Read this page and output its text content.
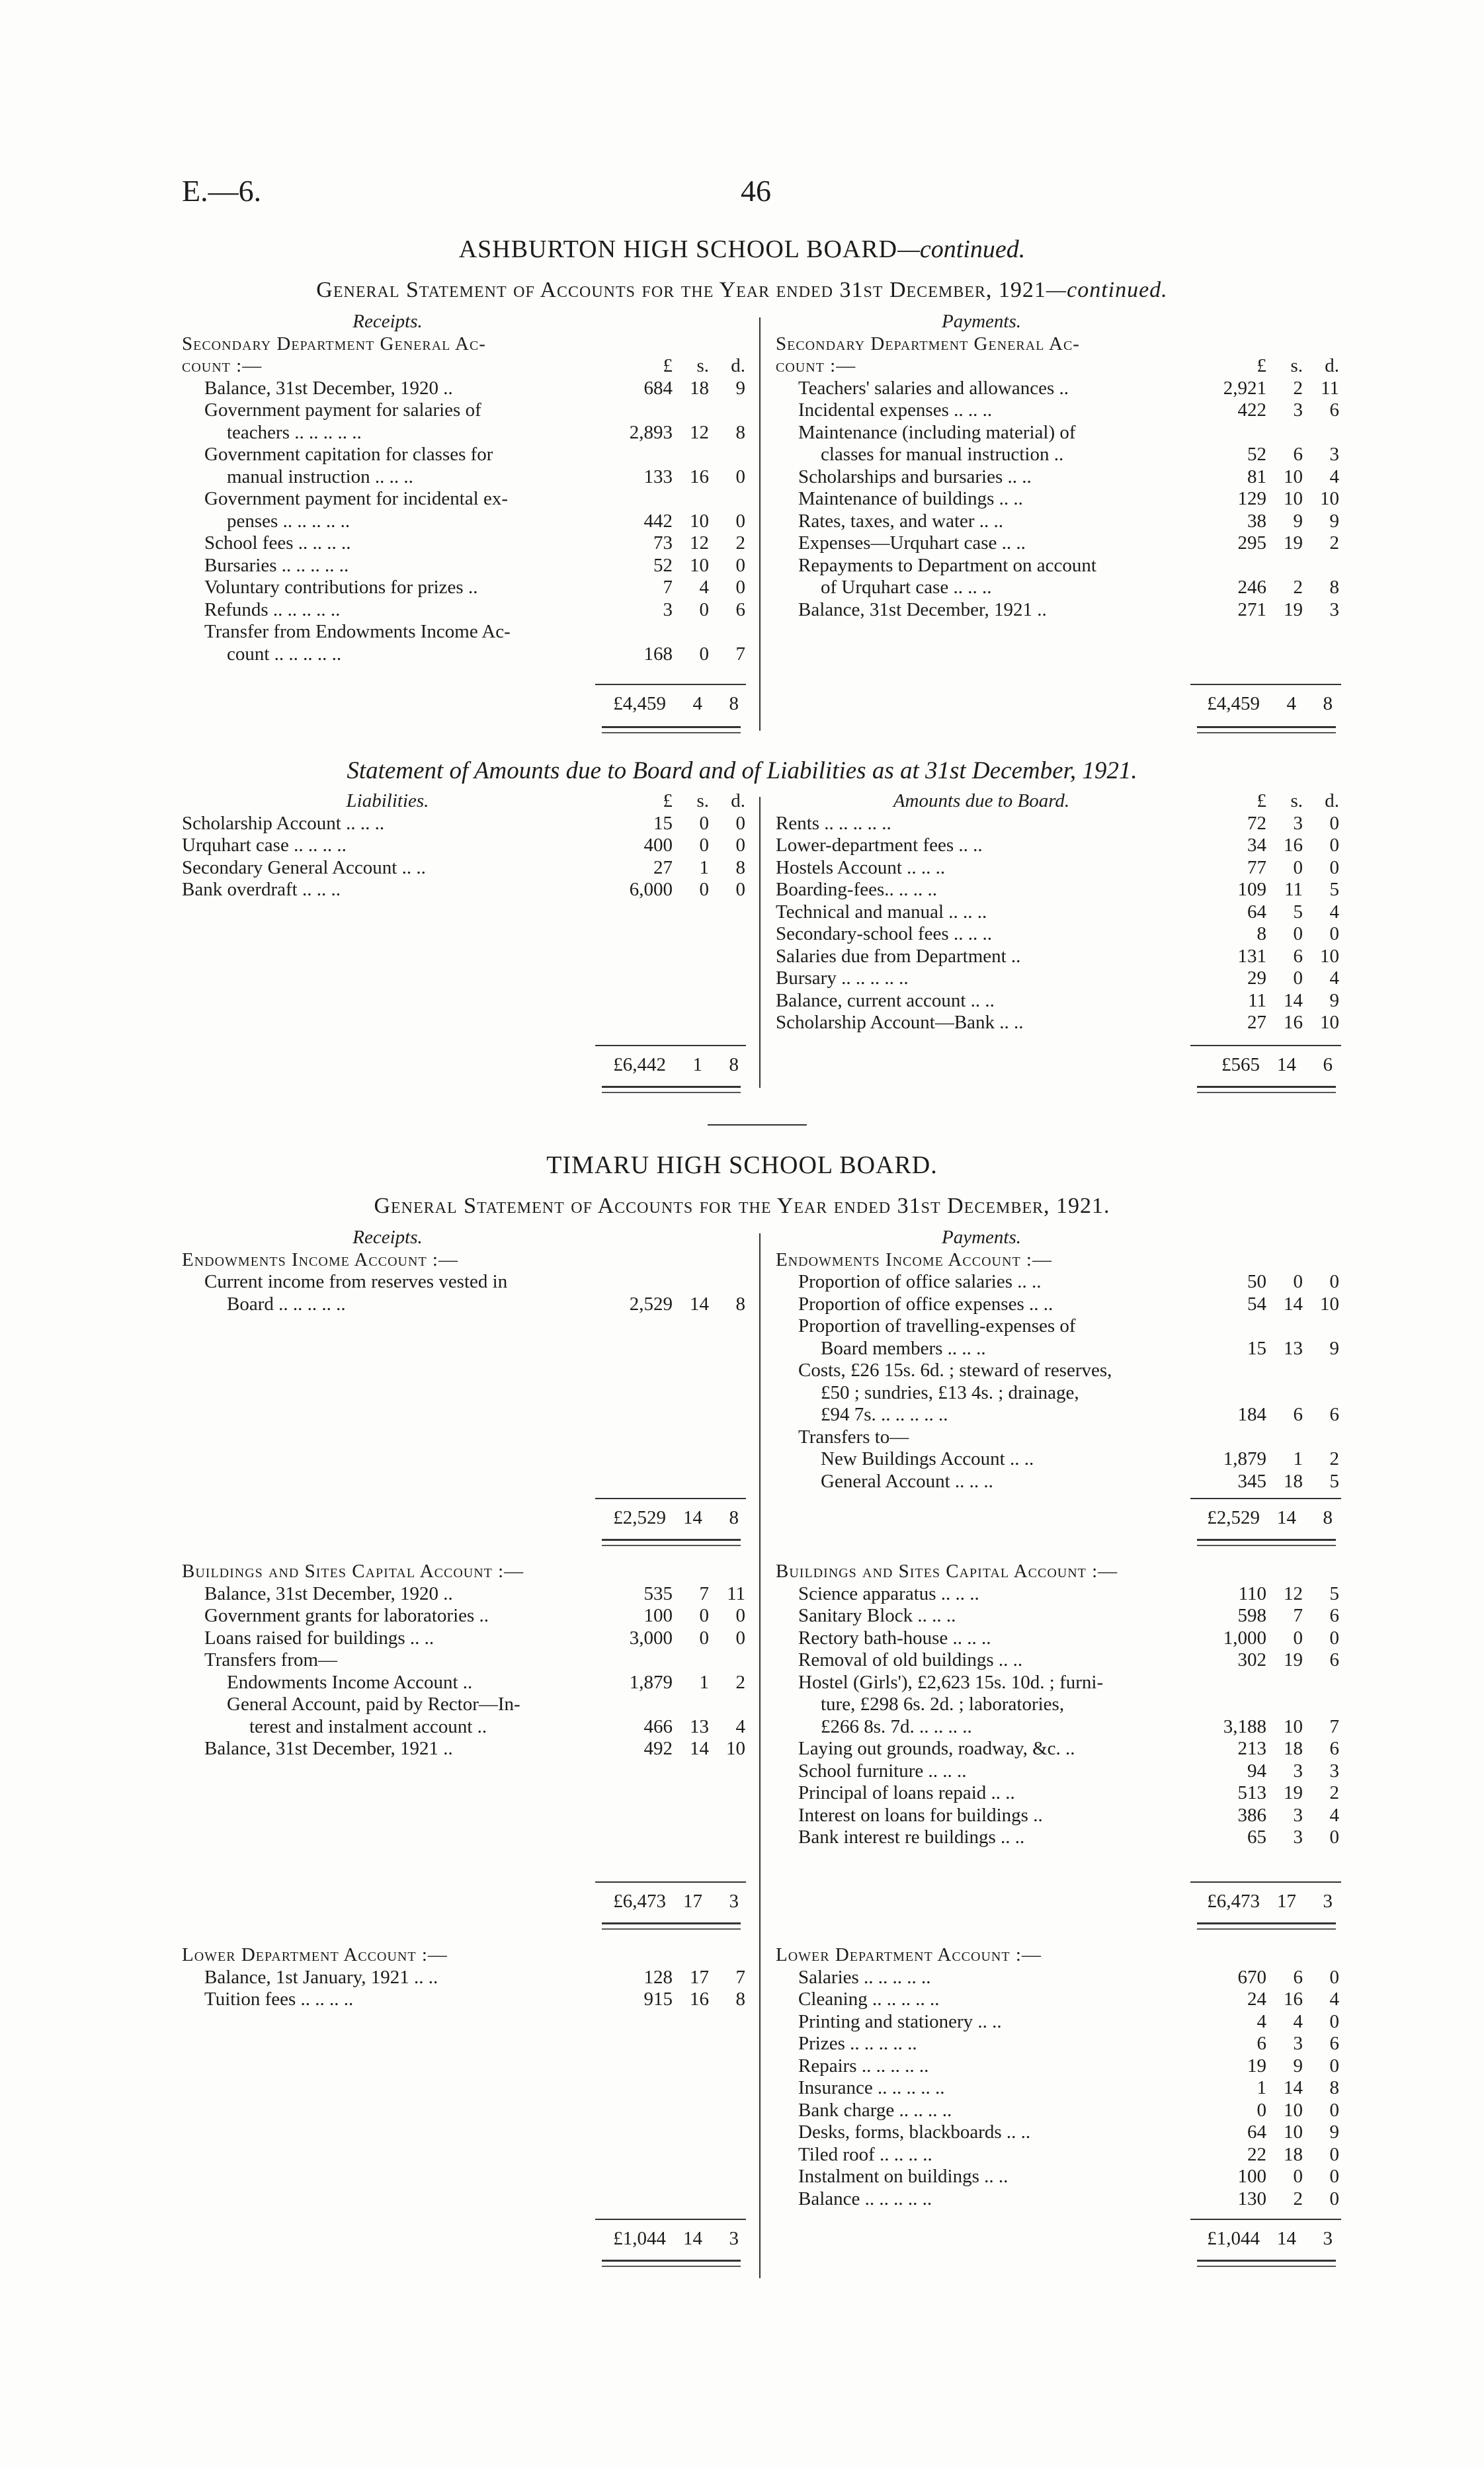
E.—6.	46
ASHBURTON HIGH SCHOOL BOARD—continued.
General Statement of Accounts for the Year ended 31st December, 1921—continued.
Receipts.
Secondary Department General Ac-
count :—	£	s.	d.
Balance, 31st December, 1920 ..	684 18	9
Government payment for salaries of
teachers .. .. .. .. ..	2,893 12	8
Government capitation for classes for
manual instruction .. .. ..	133 16	0
Government payment for incidental ex-
penses .. .. .. .. ..	442 10	0
School fees .. .. .. ..	73 12	2
Bursaries .. .. .. .. ..	52 10	0
Voluntary contributions for prizes ..	7	4	0
Refunds .. .. .. .. ..	3	0	6
Transfer from Endowments Income Ac-
count .. .. .. .. ..	168	0	7
Payments.
Secondary Department General Ac-
count :—	£	s.	d.
Teachers' salaries and allowances ..	2,921	2 11
Incidental expenses .. .. ..	422	3	6
Maintenance (including material) of
classes for manual instruction ..	52	6	3
Scholarships and bursaries .. ..	81 10	4
Maintenance of buildings .. ..	129 10 10
Rates, taxes, and water .. ..	38	9	9
Expenses—Urquhart case .. ..	295 19	2
Repayments to Department on account
of Urquhart case .. .. ..	246	2	8
Balance, 31st December, 1921 ..	271 19	3
£4,459	4	8	£4,459	4	8
Statement of Amounts due to Board and of Liabilities as at 31st December, 1921.
Liabilities.	£	s.	d.
Scholarship Account .. .. ..	15	0	0
Urquhart case .. .. .. ..	400	0	0
Secondary General Account .. ..	27	1	8
Bank overdraft .. .. ..	6,000	0	0
Amounts due to Board.	£	s.	d.
Rents .. .. .. .. ..	72	3	0
Lower-department fees .. ..	34 16	0
Hostels Account .. .. ..	77	0	0
Boarding-fees.. .. .. ..	109 11	5
Technical and manual .. .. ..	64	5	4
Secondary-school fees .. .. ..	8	0	0
Salaries due from Department ..	131	6 10
Bursary .. .. .. .. ..	29	0	4
Balance, current account .. ..	11 14	9
Scholarship Account—Bank .. ..	27 16 10
£6,442	1	8	£565 14	6
TIMARU HIGH SCHOOL BOARD.
General Statement of Accounts for the Year ended 31st December, 1921.
Receipts.
Endowments Income Account :—
Current income from reserves vested in
Board .. .. .. .. ..	2,529 14	8
Payments.
Endowments Income Account :—
Proportion of office salaries .. ..	50	0	0
Proportion of office expenses .. ..	54 14 10
Proportion of travelling-expenses of
Board members .. .. ..	15 13	9
Costs, £26 15s. 6d. ; steward of reserves,
£50 ; sundries, £13 4s. ; drainage,
£94 7s. .. .. .. .. ..	184	6	6
Transfers to—
New Buildings Account .. ..	1,879	1	2
General Account .. .. ..	345 18	5
£2,529 14	8	£2,529 14	8
Buildings and Sites Capital Account :—
Balance, 31st December, 1920 ..	535	7 11
Government grants for laboratories ..	100	0	0
Loans raised for buildings .. ..	3,000	0	0
Transfers from—
Endowments Income Account ..	1,879	1	2
General Account, paid by Rector—In-
terest and instalment account ..	466 13	4
Balance, 31st December, 1921 ..	492 14 10
Buildings and Sites Capital Account :—
Science apparatus .. .. ..	110 12	5
Sanitary Block .. .. ..	598	7	6
Rectory bath-house .. .. ..	1,000	0	0
Removal of old buildings .. ..	302 19	6
Hostel (Girls'), £2,623 15s. 10d. ; furni-
ture, £298 6s. 2d. ; laboratories,
£266 8s. 7d. .. .. .. ..	3,188 10	7
Laying out grounds, roadway, &c. ..	213 18	6
School furniture .. .. ..	94	3	3
Principal of loans repaid .. ..	513 19	2
Interest on loans for buildings ..	386	3	4
Bank interest re buildings .. ..	65	3	0
£6,473 17	3	£6,473 17	3
Lower Department Account :—
Balance, 1st January, 1921 .. ..	128 17	7
Tuition fees .. .. .. ..	915 16	8
Lower Department Account :—
Salaries .. .. .. .. ..	670	6	0
Cleaning .. .. .. .. ..	24 16	4
Printing and stationery .. ..	4	4	0
Prizes .. .. .. .. ..	6	3	6
Repairs .. .. .. .. ..	19	9	0
Insurance .. .. .. .. ..	1 14	8
Bank charge .. .. .. ..	0 10	0
Desks, forms, blackboards .. ..	64 10	9
Tiled roof .. .. .. ..	22 18	0
Instalment on buildings .. ..	100	0	0
Balance .. .. .. .. ..	130	2	0
£1,044 14	3	£1,044 14	3
